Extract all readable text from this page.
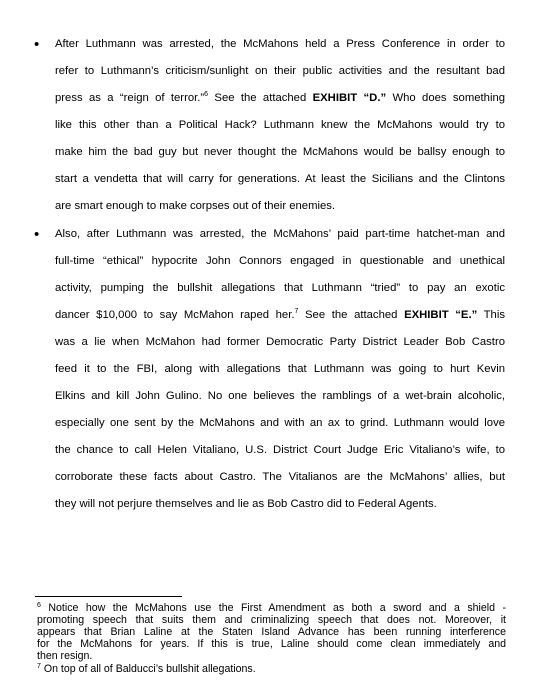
• After Luthmann was arrested, the McMahons held a Press Conference in order to
refer to Luthmann’s criticism/sunlight on their public activities and the resultant bad
press as a “reign of terror.”$^6$ See the attached EXHIBIT “D.” Who does something
like this other than a Political Hack? Luthmann knew the McMahons would try to
make him the bad guy but never thought the McMahons would be ballsy enough to
start a vendetta that will carry for generations. At least the Sicilians and the Clintons
are smart enough to make corpses out of their enemies.
• Also, after Luthmann was arrested, the McMahons’ paid part-time hatchet-man and
full-time “ethical” hypocrite John Connors engaged in questionable and unethical
activity, pumping the bullshit allegations that Luthmann “tried” to pay an exotic
dancer $10,000 to say McMahon raped her.$^7$ See the attached EXHIBIT “E.” This
was a lie when McMahon had former Democratic Party District Leader Bob Castro
feed it to the FBI, along with allegations that Luthmann was going to hurt Kevin
Elkins and kill John Gulino. No one believes the ramblings of a wet-brain alcoholic,
especially one sent by the McMahons and with an ax to grind. Luthmann would love
the chance to call Helen Vitaliano, U.S. District Court Judge Eric Vitaliano’s wife, to
corroborate these facts about Castro. The Vitalianos are the McMahons’ allies, but
they will not perjure themselves and lie as Bob Castro did to Federal Agents.
$^6$ Notice how the McMahons use the First Amendment as both a sword and a shield -
promoting speech that suits them and criminalizing speech that does not. Moreover, it
appears that Brian Laline at the Staten Island Advance has been running interference
for the McMahons for years. If this is true, Laline should come clean immediately and
then resign.
$^7$ On top of all of Balducci’s bullshit allegations.
